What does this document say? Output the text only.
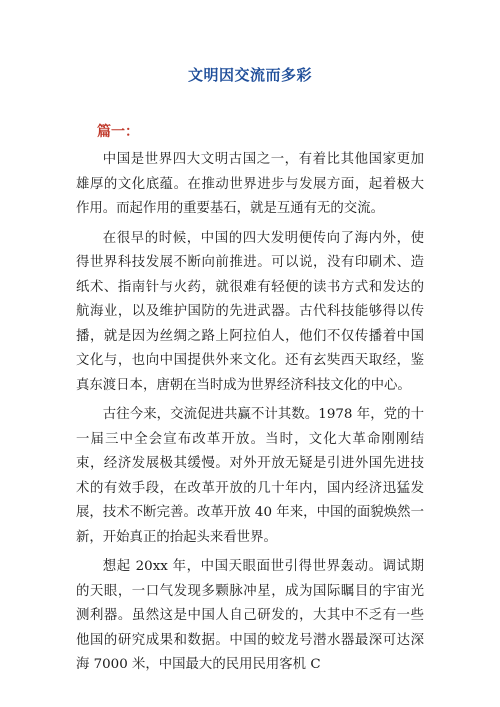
文明因交流而多彩
篇一：

中国是世界四大文明古国之一，有着比其他国家更加雄厚的文化底蕴。在推动世界进步与发展方面，起着极大作用。而起作用的重要基石，就是互通有无的交流。

在很早的时候，中国的四大发明便传向了海内外，使得世界科技发展不断向前推进。可以说，没有印刷术、造纸术、指南针与火药，就很难有轻便的读书方式和发达的航海业，以及维护国防的先进武器。古代科技能够得以传播，就是因为丝绸之路上阿拉伯人，他们不仅传播着中国文化与，也向中国提供外来文化。还有玄奘西天取经，鉴真东渡日本，唐朝在当时成为世界经济科技文化的中心。

古往今来，交流促进共赢不计其数。1978 年，党的十一届三中全会宣布改革开放。当时，文化大革命刚刚结束，经济发展极其缓慢。对外开放无疑是引进外国先进技术的有效手段，在改革开放的几十年内，国内经济迅猛发展，技术不断完善。改革开放 40 年来，中国的面貌焕然一新，开始真正的抬起头来看世界。

想起 20xx 年，中国天眼面世引得世界轰动。调试期的天眼，一口气发现多颗脉冲星，成为国际瞩目的宇宙光测利器。虽然这是中国人自己研发的，大其中不乏有一些他国的研究成果和数据。中国的蛟龙号潜水器最深可达深海 7000 米，中国最大的民用民用客机 C
